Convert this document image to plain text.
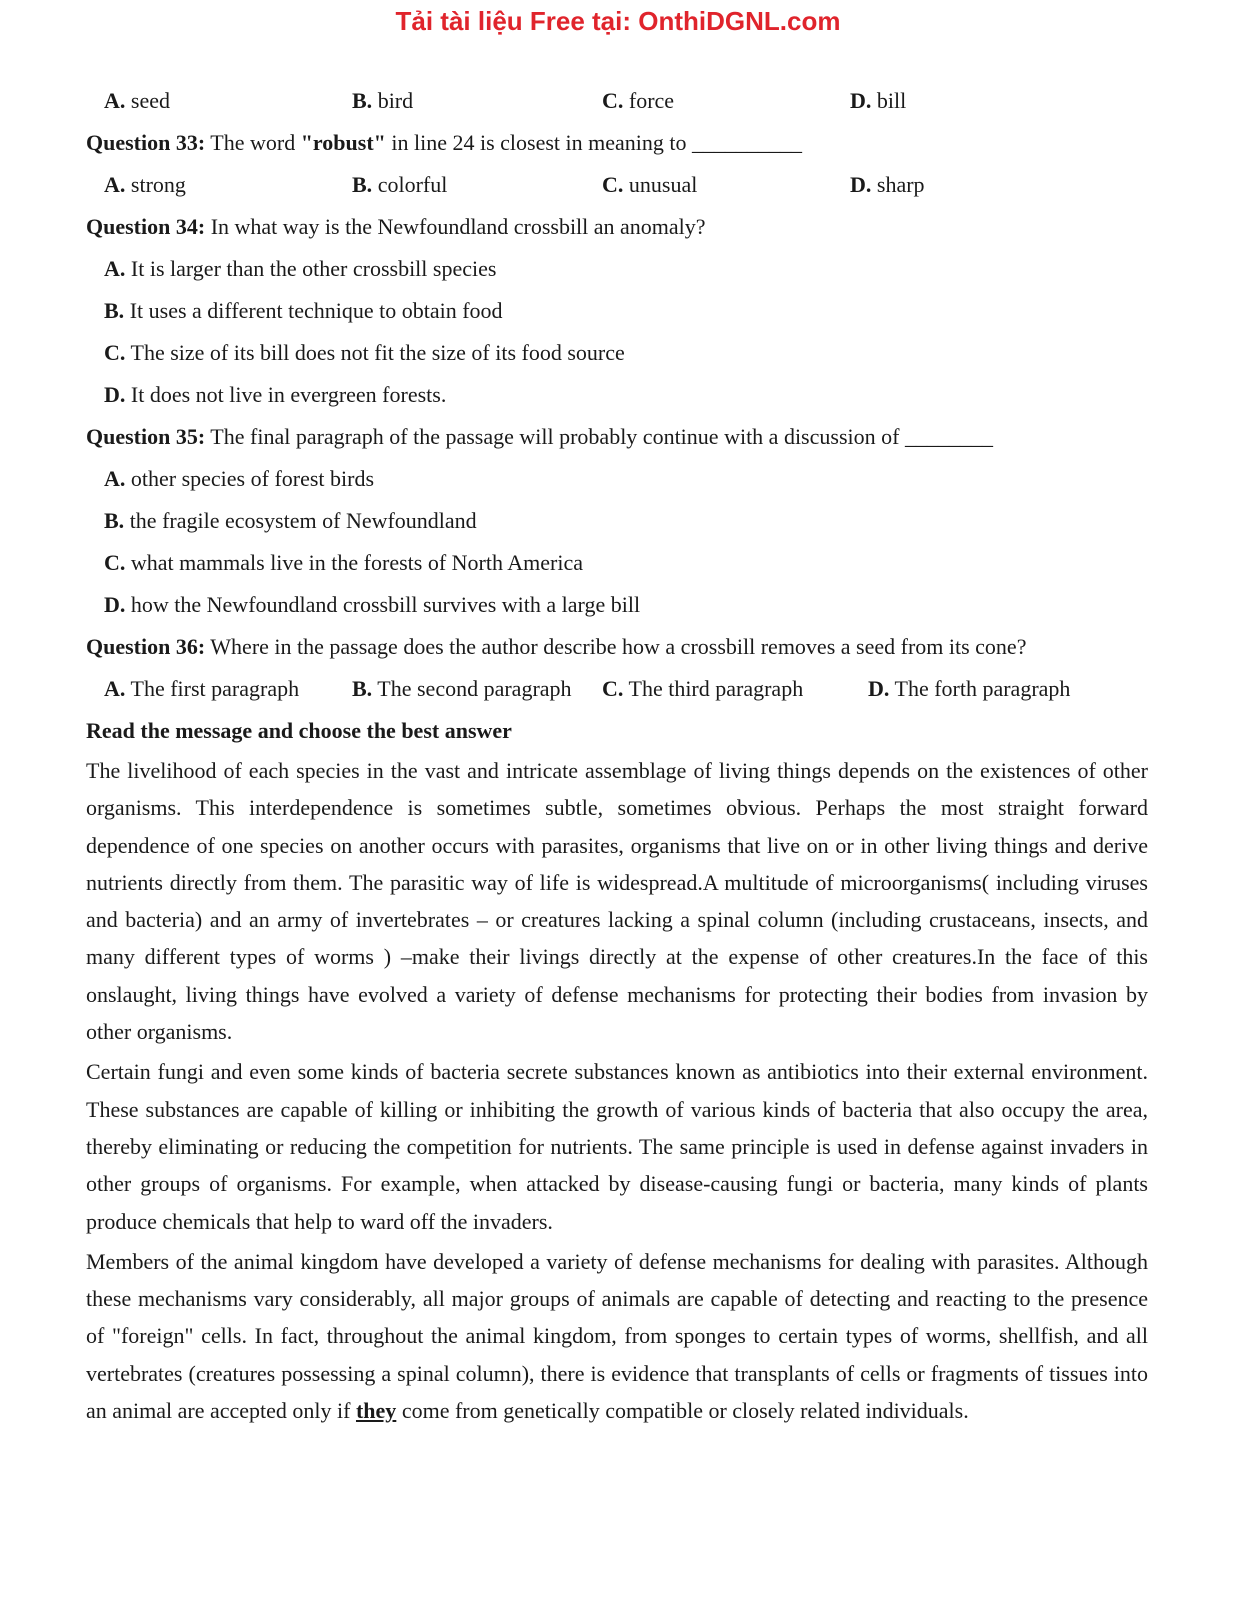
Tải tài liệu Free tại: OnthiDGNL.com
A. seed	B. bird	C. force	D. bill
Question 33: The word "robust" in line 24 is closest in meaning to __________
A. strong	B. colorful	C. unusual	D. sharp
Question 34: In what way is the Newfoundland crossbill an anomaly?
A. It is larger than the other crossbill species
B. It uses a different technique to obtain food
C. The size of its bill does not fit the size of its food source
D. It does not live in evergreen forests.
Question 35: The final paragraph of the passage will probably continue with a discussion of ________
A. other species of forest birds
B. the fragile ecosystem of Newfoundland
C. what mammals live in the forests of North America
D. how the Newfoundland crossbill survives with a large bill
Question 36: Where in the passage does the author describe how a crossbill removes a seed from its cone?
A. The first paragraph B. The second paragraph C. The third paragraph	D. The forth paragraph
Read the message and choose the best answer

The livelihood of each species in the vast and intricate assemblage of living things depends on the existences of other organisms. This interdependence is sometimes subtle, sometimes obvious. Perhaps the most straight forward dependence of one species on another occurs with parasites, organisms that live on or in other living things and derive nutrients directly from them. The parasitic way of life is widespread.A multitude of microorganisms( including viruses and bacteria) and an army of invertebrates – or creatures lacking a spinal column (including crustaceans, insects, and many different types of worms ) –make their livings directly at the expense of other creatures.In the face of this onslaught, living things have evolved a variety of defense mechanisms for protecting their bodies from invasion by other organisms.

Certain fungi and even some kinds of bacteria secrete substances known as antibiotics into their external environment. These substances are capable of killing or inhibiting the growth of various kinds of bacteria that also occupy the area, thereby eliminating or reducing the competition for nutrients. The same principle is used in defense against invaders in other groups of organisms. For example, when attacked by disease-causing fungi or bacteria, many kinds of plants produce chemicals that help to ward off the invaders.

Members of the animal kingdom have developed a variety of defense mechanisms for dealing with parasites. Although these mechanisms vary considerably, all major groups of animals are capable of detecting and reacting to the presence of "foreign" cells. In fact, throughout the animal kingdom, from sponges to certain types of worms, shellfish, and all vertebrates (creatures possessing a spinal column), there is evidence that transplants of cells or fragments of tissues into an animal are accepted only if they come from genetically compatible or closely related individuals.
